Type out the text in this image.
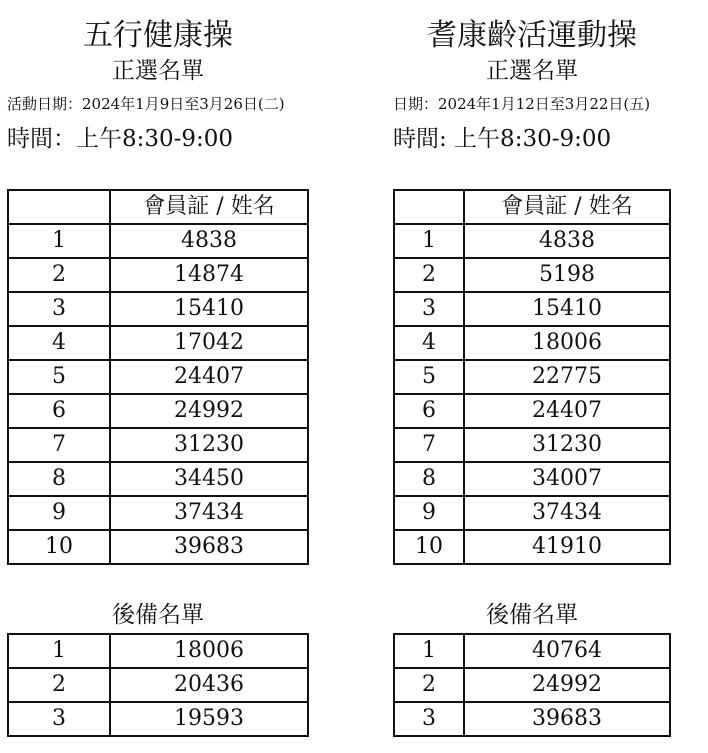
五行健康操
正選名單
活動日期：2024年1月9日至3月26日(二)
時間：上午8:30-9:00
	會員証 / 姓名
1	4838
2	14874
3	15410
4	17042
5	24407
6	24992
7	31230
8	34450
9	37434
10	39683
後備名單
1	18006
2	20436
3	19593
耆康齡活運動操
正選名單
日期：2024年1月12日至3月22日(五)
時間: 上午8:30-9:00
	會員証 / 姓名
1	4838
2	5198
3	15410
4	18006
5	22775
6	24407
7	31230
8	34007
9	37434
10	41910
後備名單
1	40764
2	24992
3	39683
